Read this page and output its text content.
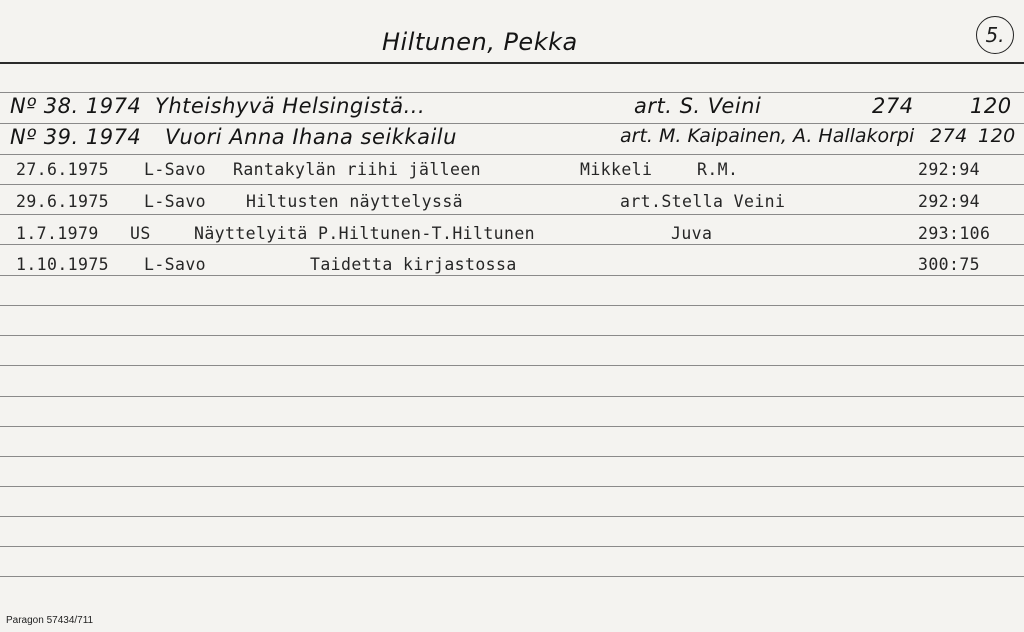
Hiltunen, Pekka	5.
Nº 38. 1974 Yhteishyvä Helsingistä...	art. S. Veini	274	120
Nº 39. 1974 Vuori Anna Ihana seikkailu	art. M. Kaipainen, A. Hallakorpi 274 120
27.6.1975 L-Savo Rantakylän riihi jälleen	Mikkeli	R.M.	292:94
29.6.1975 L-Savo Hiltusten näyttelyssä	art.Stella Veini	292:94
1.7.1979 US	Näyttelyitä P.Hiltunen-T.Hiltunen	Juva	293:106
1.10.1975 L-Savo	Taidetta kirjastossa	300:75
Paragon 57434/711
